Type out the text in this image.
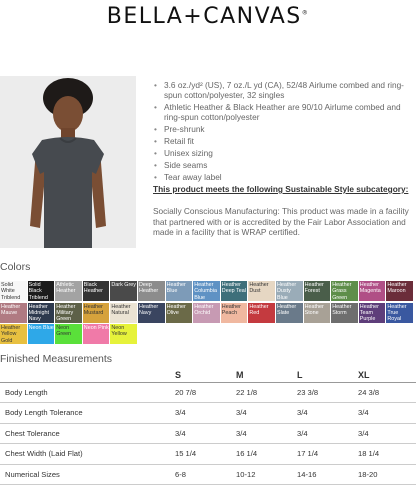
BELLA+CANVAS®
• 3.6 oz./yd² (US), 7 oz./L yd (CA), 52/48 Airlume combed and ring-spun cotton/polyester, 32 singles
• Athletic Heather & Black Heather are 90/10 Airlume combed and ring-spun cotton/polyester
• Pre-shrunk
• Retail fit
• Unisex sizing
• Side seams
• Tear away label

This product meets the following Sustainable Style subcategory:

Socially Conscious Manufacturing: This product was made in a facility that partnered with or is accredited by the Fair Labor Association and made in a facility that is WRAP certified.

Colors
Solid White Triblend
Solid Black Triblend
Athletic Heather
Black Heather
Dark Grey Deep Heather
Heather Blue
Heather Columbia Blue
Heather Deep Teal
Heather Dust
Heather Dusty Blue
Heather Forest
Heather Grass Green
Heather Magenta
Heather Maroon
Heather Mauve
Heather Midnight Navy
Heather Military Green
Heather Mustard
Heather Natural
Heather Navy
Heather Olive
Heather Orchid
Heather Peach
Heather Red
Heather Slate
Heather Stone
Heather Storm
Heather Team Purple
Heather True Royal
Heather Yellow Gold
Neon Blue Neon Green
Neon Pink Neon Yellow
Finished Measurements
	S	M	L	XL
Body Length	20 7/8	22 1/8	23 3/8	24 3/8
Body Length Tolerance	3/4	3/4	3/4	3/4
Chest Tolerance	3/4	3/4	3/4	3/4
Chest Width (Laid Flat)	15 1/4	16 1/4	17 1/4	18 1/4
Numerical Sizes	6-8	10-12	14-16	18-20
